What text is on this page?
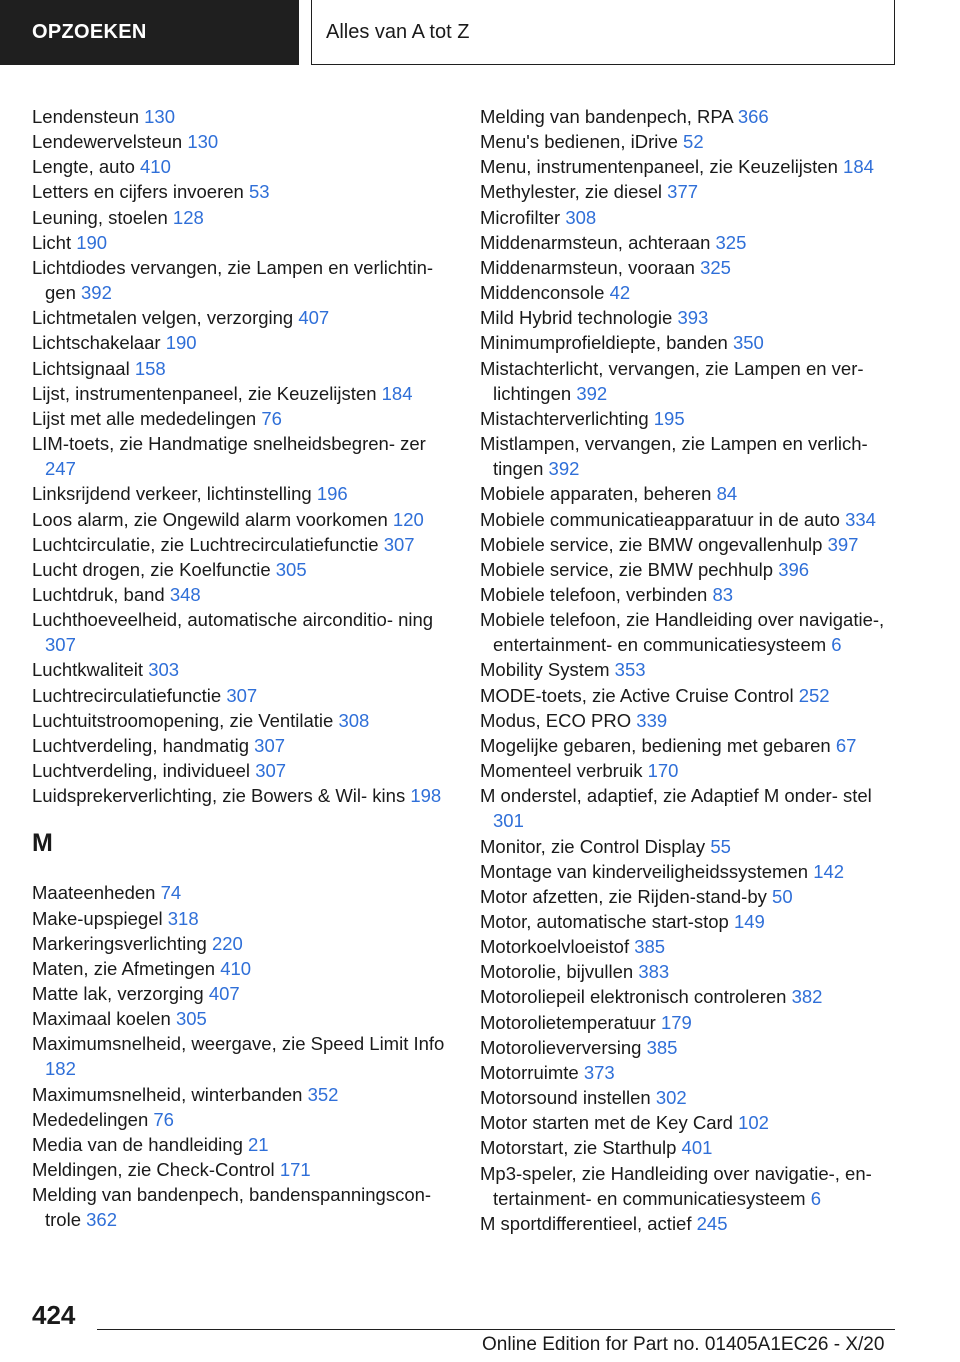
OPZOEKEN	Alles van A tot Z
Lendensteun 130
Lendewervelsteun 130
Lengte, auto 410
Letters en cijfers invoeren 53
Leuning, stoelen 128
Licht 190
Lichtdiodes vervangen, zie Lampen en verlichtin‐ gen 392
Lichtmetalen velgen, verzorging 407
Lichtschakelaar 190
Lichtsignaal 158
Lijst, instrumentenpaneel, zie Keuzelijsten 184
Lijst met alle mededelingen 76
LIM-toets, zie Handmatige snelheidsbegren‐ zer 247
Linksrijdend verkeer, lichtinstelling 196
Loos alarm, zie Ongewild alarm voorkomen 120
Luchtcirculatie, zie Luchtrecirculatiefunctie 307
Lucht drogen, zie Koelfunctie 305
Luchtdruk, band 348
Luchthoeveelheid, automatische airconditio‐ ning 307
Luchtkwaliteit 303
Luchtrecirculatiefunctie 307
Luchtuitstroomopening, zie Ventilatie 308
Luchtverdeling, handmatig 307
Luchtverdeling, individueel 307
Luidsprekerverlichting, zie Bowers & Wil‐ kins 198
M
Maateenheden 74
Make-upspiegel 318
Markeringsverlichting 220
Maten, zie Afmetingen 410
Matte lak, verzorging 407
Maximaal koelen 305
Maximumsnelheid, weergave, zie Speed Limit Info 182
Maximumsnelheid, winterbanden 352
Mededelingen 76
Media van de handleiding 21
Meldingen, zie Check-Control 171
Melding van bandenpech, bandenspanningscon‐ trole 362
Melding van bandenpech, RPA 366
Menu's bedienen, iDrive 52
Menu, instrumentenpaneel, zie Keuzelijsten 184
Methylester, zie diesel 377
Microfilter 308
Middenarmsteun, achteraan 325
Middenarmsteun, vooraan 325
Middenconsole 42
Mild Hybrid technologie 393
Minimumprofieldiepte, banden 350
Mistachterlicht, vervangen, zie Lampen en ver‐ lichtingen 392
Mistachterverlichting 195
Mistlampen, vervangen, zie Lampen en verlich‐ tingen 392
Mobiele apparaten, beheren 84
Mobiele communicatieapparatuur in de auto 334
Mobiele service, zie BMW ongevallenhulp 397
Mobiele service, zie BMW pechhulp 396
Mobiele telefoon, verbinden 83
Mobiele telefoon, zie Handleiding over navigatie-, entertainment- en communicatiesysteem 6
Mobility System 353
MODE-toets, zie Active Cruise Control 252
Modus, ECO PRO 339
Mogelijke gebaren, bediening met gebaren 67
Momenteel verbruik 170
M onderstel, adaptief, zie Adaptief M onder‐ stel 301
Monitor, zie Control Display 55
Montage van kinderveiligheidssystemen 142
Motor afzetten, zie Rijden-stand-by 50
Motor, automatische start-stop 149
Motorkoelvloeistof 385
Motorolie, bijvullen 383
Motoroliepeil elektronisch controleren 382
Motorolietemperatuur 179
Motorolieverversing 385
Motorruimte 373
Motorsound instellen 302
Motor starten met de Key Card 102
Motorstart, zie Starthulp 401
Mp3-speler, zie Handleiding over navigatie-, en‐ tertainment- en communicatiesysteem 6
M sportdifferentieel, actief 245
424
Online Edition for Part no. 01405A1EC26 - X/20
